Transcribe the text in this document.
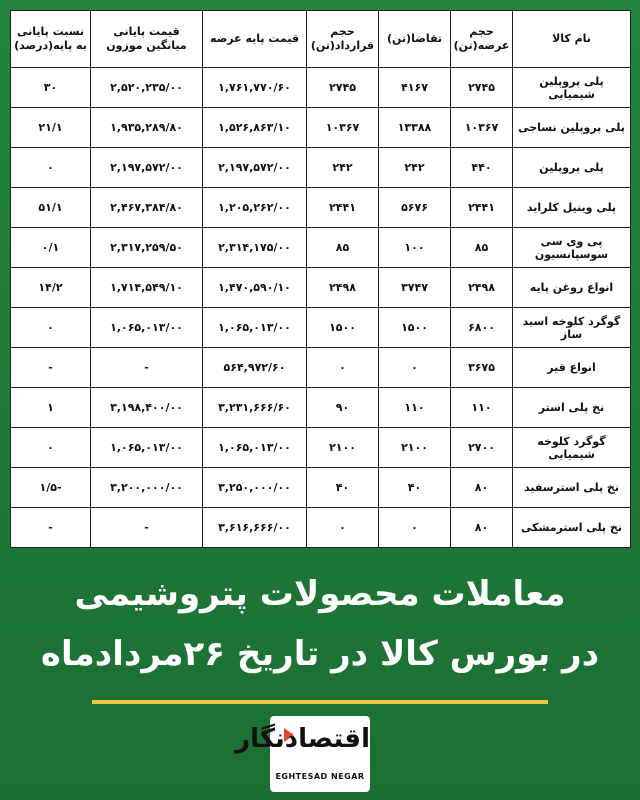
نام کالا	حجم عرضه(تن)	تقاضا(تن)	حجم قرارداد(تن)	قیمت پایه عرضه	قیمت پایانی میانگین موزون	نسبت پایانی به پایه(درصد)
پلی پروپلین شیمیایی	۲۷۴۵	۴۱۶۷	۲۷۴۵	۱,۷۶۱,۷۷۰/۶۰	۲,۵۲۰,۲۳۵/۰۰	۳۰
پلی پروپلین نساجی	۱۰۳۶۷	۱۳۳۸۸	۱۰۳۶۷	۱,۵۲۶,۸۶۳/۱۰	۱,۹۳۵,۲۸۹/۸۰	۲۱/۱
پلی پروپلین	۴۴۰	۲۴۲	۲۴۲	۲,۱۹۷,۵۷۲/۰۰	۲,۱۹۷,۵۷۲/۰۰	۰
پلی وینیل کلراید	۲۴۴۱	۵۶۷۶	۲۴۴۱	۱,۲۰۵,۲۶۲/۰۰	۲,۴۶۷,۳۸۴/۸۰	۵۱/۱
پی وی سی سوسپانسیون	۸۵	۱۰۰	۸۵	۲,۳۱۴,۱۷۵/۰۰	۲,۳۱۷,۲۵۹/۵۰	۰/۱
انواع روغن پایه	۲۴۹۸	۳۷۴۷	۲۴۹۸	۱,۴۷۰,۵۹۰/۱۰	۱,۷۱۴,۵۴۹/۱۰	۱۴/۲
گوگرد کلوخه اسید ساز	۶۸۰۰	۱۵۰۰	۱۵۰۰	۱,۰۶۵,۰۱۳/۰۰	۱,۰۶۵,۰۱۳/۰۰	۰
انواع قیر	۳۶۷۵	۰	۰	۵۶۴,۹۷۲/۶۰	-	-
نخ پلی استر	۱۱۰	۱۱۰	۹۰	۳,۲۳۱,۶۶۶/۶۰	۳,۱۹۸,۴۰۰/۰۰	۱
گوگرد کلوخه شیمیایی	۲۷۰۰	۲۱۰۰	۲۱۰۰	۱,۰۶۵,۰۱۳/۰۰	۱,۰۶۵,۰۱۳/۰۰	۰
نخ پلی استرسفید	۸۰	۴۰	۴۰	۳,۲۵۰,۰۰۰/۰۰	۳,۲۰۰,۰۰۰/۰۰	-۱/۵
نخ پلی استرمشکی	۸۰	۰	۰	۳,۶۱۶,۶۶۶/۰۰	-	-
معاملات محصولات پتروشیمی
در بورس کالا در تاریخ ۲۶مردادماه
اقتصادنگار
EGHTESAD NEGAR
